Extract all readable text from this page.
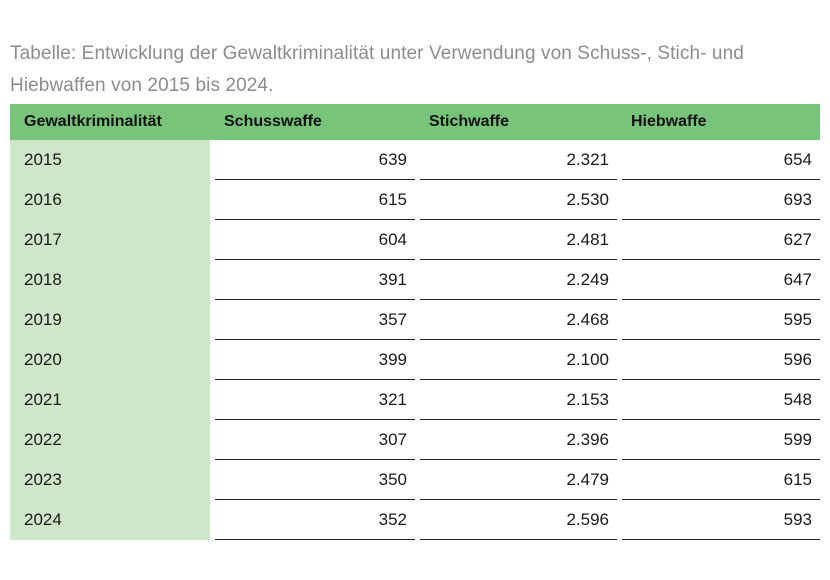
Tabelle: Entwicklung der Gewaltkriminalität unter Verwendung von Schuss-, Stich- und Hiebwaffen von 2015 bis 2024.
Gewaltkriminalität	Schusswaffe	Stichwaffe	Hiebwaffe
2015	639	2.321	654
2016	615	2.530	693
2017	604	2.481	627
2018	391	2.249	647
2019	357	2.468	595
2020	399	2.100	596
2021	321	2.153	548
2022	307	2.396	599
2023	350	2.479	615
2024	352	2.596	593
